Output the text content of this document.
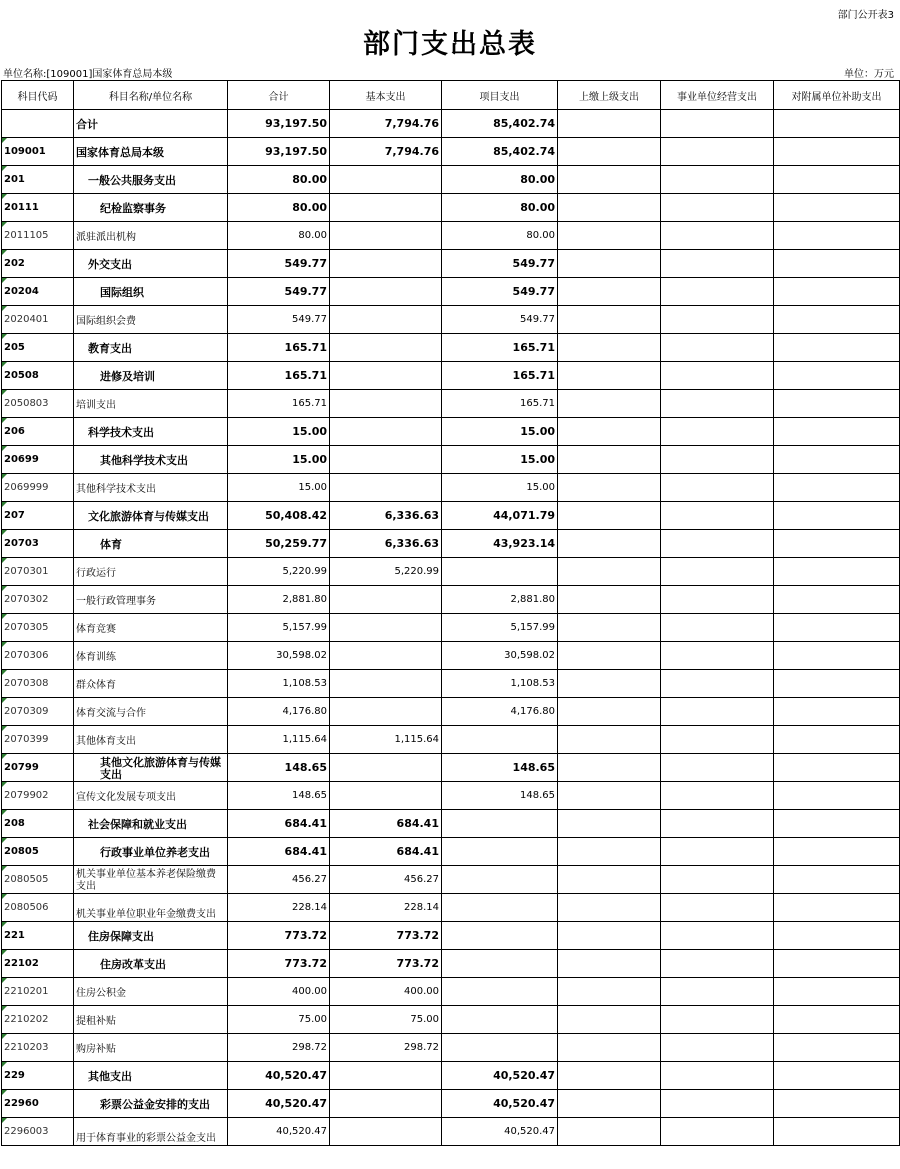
部门公开表3
部门支出总表
单位名称:[109001]国家体育总局本级	单位：万元
科目代码	科目名称/单位名称	合计	基本支出	项目支出	上缴上级支出	事业单位经营支出	对附属单位补助支出
	合计	93,197.50	7,794.76	85,402.74			
109001	国家体育总局本级	93,197.50	7,794.76	85,402.74			
201	一般公共服务支出	80.00		80.00			
20111	纪检监察事务	80.00		80.00			
2011105	派驻派出机构	80.00		80.00			
202	外交支出	549.77		549.77			
20204	国际组织	549.77		549.77			
2020401	国际组织会费	549.77		549.77			
205	教育支出	165.71		165.71			
20508	进修及培训	165.71		165.71			
2050803	培训支出	165.71		165.71			
206	科学技术支出	15.00		15.00			
20699	其他科学技术支出	15.00		15.00			
2069999	其他科学技术支出	15.00		15.00			
207	文化旅游体育与传媒支出	50,408.42	6,336.63	44,071.79			
20703	体育	50,259.77	6,336.63	43,923.14			
2070301	行政运行	5,220.99	5,220.99				
2070302	一般行政管理事务	2,881.80		2,881.80			
2070305	体育竞赛	5,157.99		5,157.99			
2070306	体育训练	30,598.02		30,598.02			
2070308	群众体育	1,108.53		1,108.53			
2070309	体育交流与合作	4,176.80		4,176.80			
2070399	其他体育支出	1,115.64	1,115.64				
20799	其他文化旅游体育与传媒支出	148.65		148.65			
2079902	宣传文化发展专项支出	148.65		148.65			
208	社会保障和就业支出	684.41	684.41				
20805	行政事业单位养老支出	684.41	684.41				
2080505	机关事业单位基本养老保险缴费支出	456.27	456.27				
2080506	机关事业单位职业年金缴费支出	228.14	228.14				
221	住房保障支出	773.72	773.72				
22102	住房改革支出	773.72	773.72				
2210201	住房公积金	400.00	400.00				
2210202	提租补贴	75.00	75.00				
2210203	购房补贴	298.72	298.72				
229	其他支出	40,520.47		40,520.47			
22960	彩票公益金安排的支出	40,520.47		40,520.47			
2296003	用于体育事业的彩票公益金支出	40,520.47		40,520.47			
